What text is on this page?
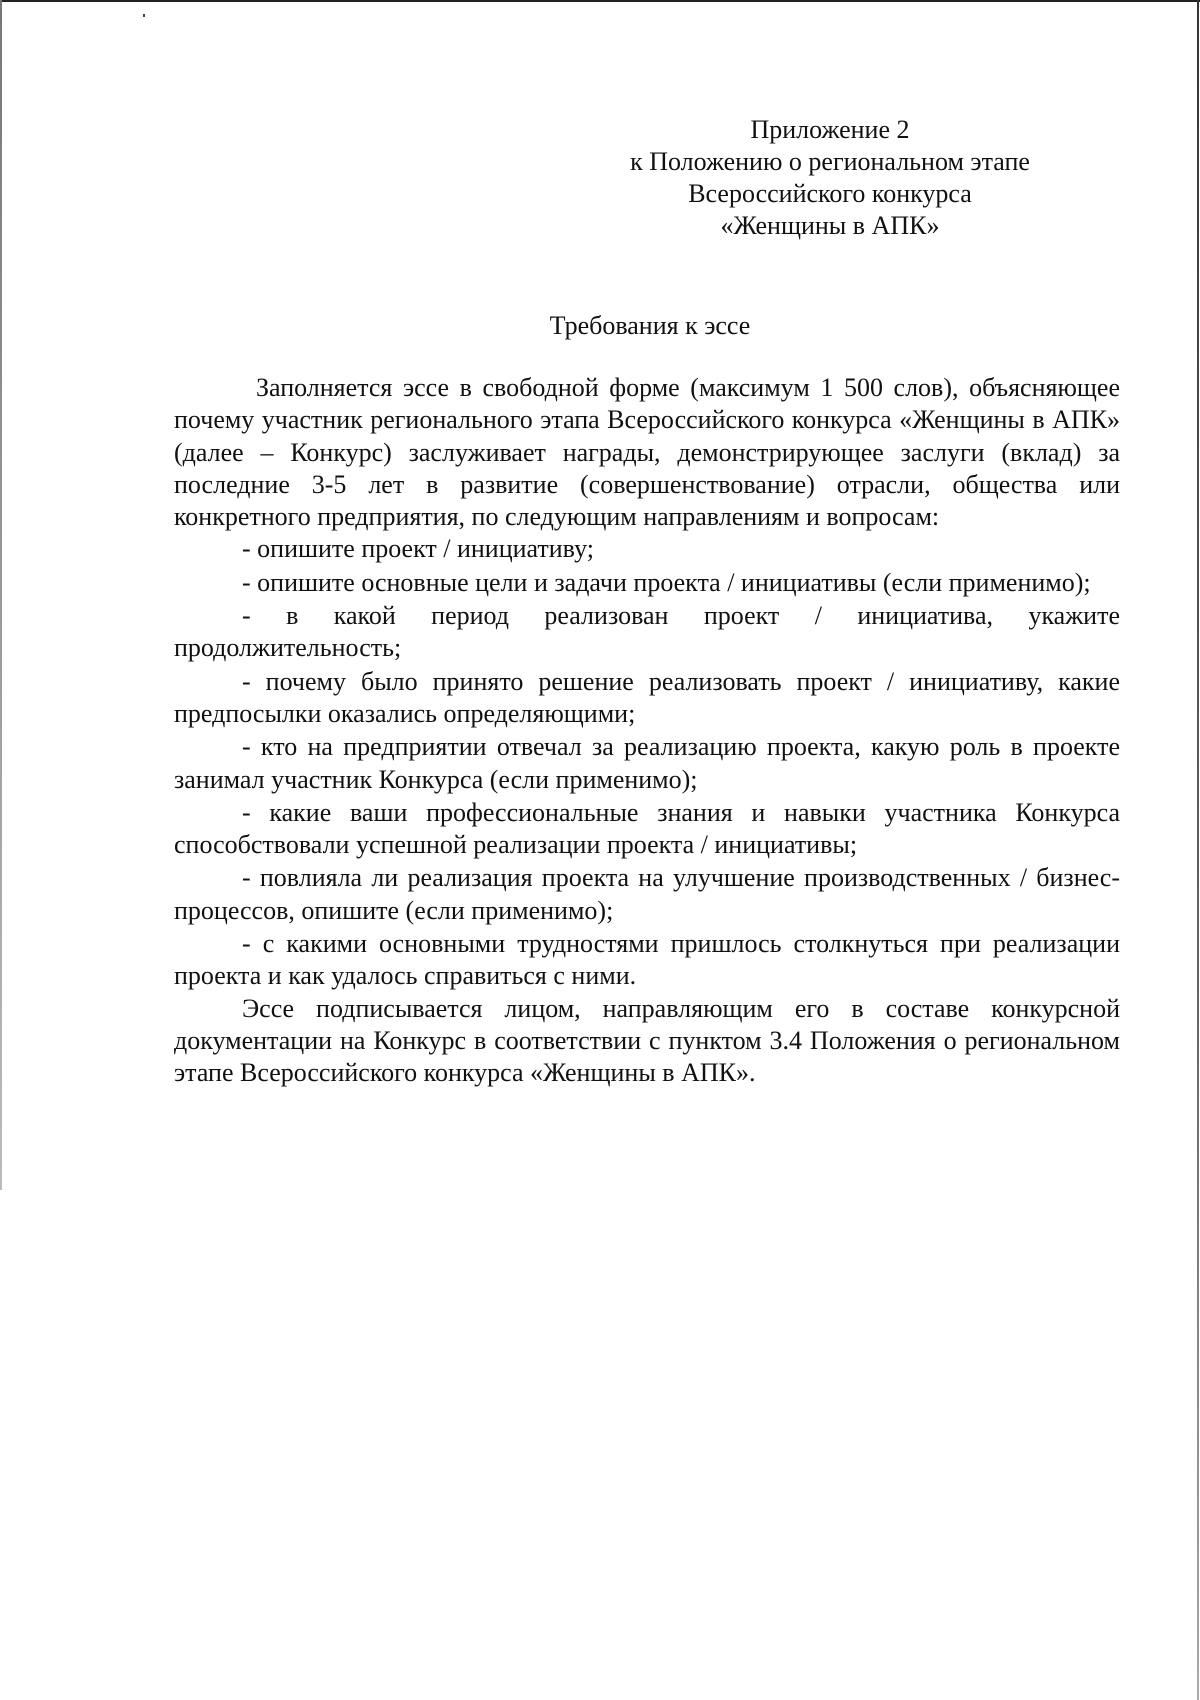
Приложение 2
к Положению о региональном этапе
Всероссийского конкурса
«Женщины в АПК»
Требования к эссе

Заполняется эссе в свободной форме (максимум 1 500 слов), объясняющее почему участник регионального этапа Всероссийского конкурса «Женщины в АПК» (далее – Конкурс) заслуживает награды, демонстрирующее заслуги (вклад) за последние 3-5 лет в развитие (совершенствование) отрасли, общества или конкретного предприятия, по следующим направлениям и вопросам:

- опишите проект / инициативу;
- опишите основные цели и задачи проекта / инициативы (если применимо);
- в какой период реализован проект / инициатива, укажите продолжительность;
- почему было принято решение реализовать проект / инициативу, какие предпосылки оказались определяющими;
- кто на предприятии отвечал за реализацию проекта, какую роль в проекте занимал участник Конкурса (если применимо);
- какие ваши профессиональные знания и навыки участника Конкурса способствовали успешной реализации проекта / инициативы;
- повлияла ли реализация проекта на улучшение производственных / бизнес-процессов, опишите (если применимо);
- с какими основными трудностями пришлось столкнуться при реализации проекта и как удалось справиться с ними.

Эссе подписывается лицом, направляющим его в составе конкурсной документации на Конкурс в соответствии с пунктом 3.4 Положения о региональном этапе Всероссийского конкурса «Женщины в АПК».
